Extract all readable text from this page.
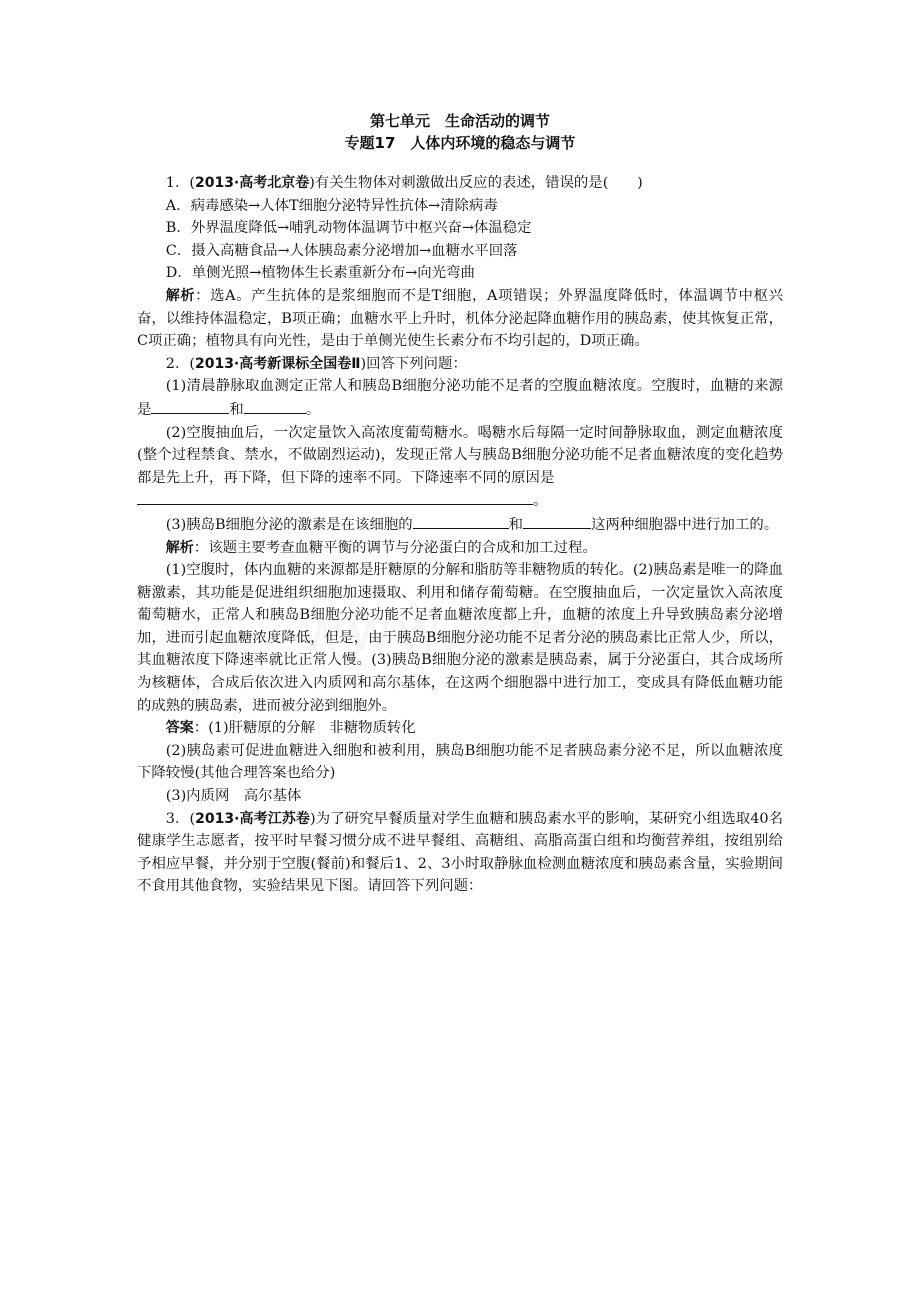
第七单元　生命活动的调节
专题17　人体内环境的稳态与调节

1．(2013·高考北京卷)有关生物体对刺激做出反应的表述，错误的是(　　)

A．病毒感染→人体T细胞分泌特异性抗体→清除病毒

B．外界温度降低→哺乳动物体温调节中枢兴奋→体温稳定

C．摄入高糖食品→人体胰岛素分泌增加→血糖水平回落

D．单侧光照→植物体生长素重新分布→向光弯曲

解析：选A。产生抗体的是浆细胞而不是T细胞，A项错误；外界温度降低时，体温调节中枢兴奋，以维持体温稳定，B项正确；血糖水平上升时，机体分泌起降血糖作用的胰岛素，使其恢复正常，C项正确；植物具有向光性，是由于单侧光使生长素分布不均引起的，D项正确。

2．(2013·高考新课标全国卷Ⅱ)回答下列问题：

(1)清晨静脉取血测定正常人和胰岛B细胞分泌功能不足者的空腹血糖浓度。空腹时，血糖的来源是	和	。

(2)空腹抽血后，一次定量饮入高浓度葡萄糖水。喝糖水后每隔一定时间静脉取血，测定血糖浓度(整个过程禁食、禁水，不做剧烈运动)，发现正常人与胰岛B细胞分泌功能不足者血糖浓度的变化趋势都是先上升，再下降，但下降的速率不同。下降速率不同的原因是
。

(3)胰岛B细胞分泌的激素是在该细胞的	和	这两种细胞器中进行加工的。

解析：该题主要考查血糖平衡的调节与分泌蛋白的合成和加工过程。

(1)空腹时，体内血糖的来源都是肝糖原的分解和脂肪等非糖物质的转化。(2)胰岛素是唯一的降血糖激素，其功能是促进组织细胞加速摄取、利用和储存葡萄糖。在空腹抽血后，一次定量饮入高浓度葡萄糖水，正常人和胰岛B细胞分泌功能不足者血糖浓度都上升，血糖的浓度上升导致胰岛素分泌增加，进而引起血糖浓度降低，但是，由于胰岛B细胞分泌功能不足者分泌的胰岛素比正常人少，所以，其血糖浓度下降速率就比正常人慢。(3)胰岛B细胞分泌的激素是胰岛素，属于分泌蛋白，其合成场所为核糖体，合成后依次进入内质网和高尔基体，在这两个细胞器中进行加工，变成具有降低血糖功能的成熟的胰岛素，进而被分泌到细胞外。

答案：(1)肝糖原的分解　非糖物质转化

(2)胰岛素可促进血糖进入细胞和被利用，胰岛B细胞功能不足者胰岛素分泌不足，所以血糖浓度下降较慢(其他合理答案也给分)

(3)内质网　高尔基体

3．(2013·高考江苏卷)为了研究早餐质量对学生血糖和胰岛素水平的影响，某研究小组选取40名健康学生志愿者，按平时早餐习惯分成不进早餐组、高糖组、高脂高蛋白组和均衡营养组，按组别给予相应早餐，并分别于空腹(餐前)和餐后1、2、3小时取静脉血检测血糖浓度和胰岛素含量，实验期间不食用其他食物，实验结果见下图。请回答下列问题：
